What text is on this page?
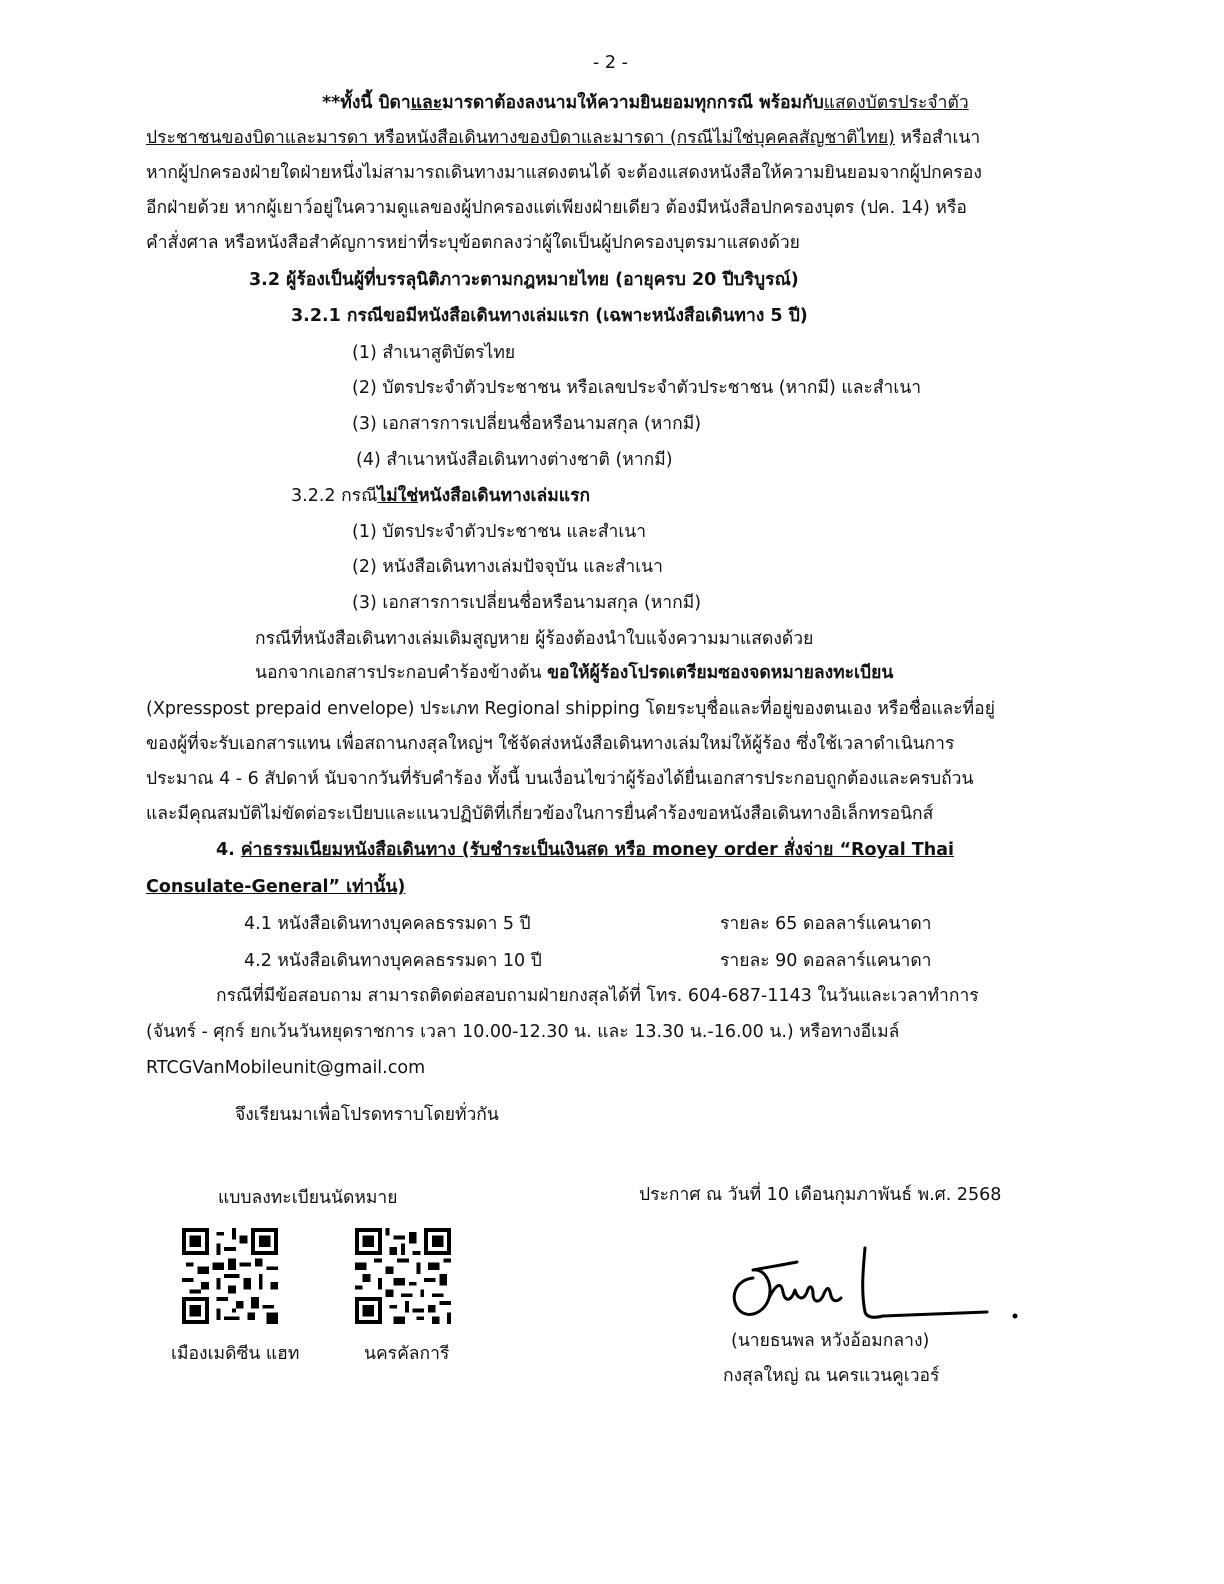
- 2 -
**ทั้งนี้ บิดาและมารดาต้องลงนามให้ความยินยอมทุกกรณี พร้อมกับแสดงบัตรประจำตัว
ประชาชนของบิดาและมารดา หรือหนังสือเดินทางของบิดาและมารดา (กรณีไม่ใช่บุคคลสัญชาติไทย) หรือสำเนา
หากผู้ปกครองฝ่ายใดฝ่ายหนึ่งไม่สามารถเดินทางมาแสดงตนได้ จะต้องแสดงหนังสือให้ความยินยอมจากผู้ปกครอง
อีกฝ่ายด้วย หากผู้เยาว์อยู่ในความดูแลของผู้ปกครองแต่เพียงฝ่ายเดียว ต้องมีหนังสือปกครองบุตร (ปค. 14) หรือ
คำสั่งศาล หรือหนังสือสำคัญการหย่าที่ระบุข้อตกลงว่าผู้ใดเป็นผู้ปกครองบุตรมาแสดงด้วย
3.2 ผู้ร้องเป็นผู้ที่บรรลุนิติภาวะตามกฎหมายไทย (อายุครบ 20 ปีบริบูรณ์)
3.2.1 กรณีขอมีหนังสือเดินทางเล่มแรก (เฉพาะหนังสือเดินทาง 5 ปี)
(1) สำเนาสูติบัตรไทย
(2) บัตรประจำตัวประชาชน หรือเลขประจำตัวประชาชน (หากมี) และสำเนา
(3) เอกสารการเปลี่ยนชื่อหรือนามสกุล (หากมี)
(4) สำเนาหนังสือเดินทางต่างชาติ (หากมี)
3.2.2 กรณีไม่ใช่หนังสือเดินทางเล่มแรก
(1) บัตรประจำตัวประชาชน และสำเนา
(2) หนังสือเดินทางเล่มปัจจุบัน และสำเนา
(3) เอกสารการเปลี่ยนชื่อหรือนามสกุล (หากมี)
กรณีที่หนังสือเดินทางเล่มเดิมสูญหาย ผู้ร้องต้องนำใบแจ้งความมาแสดงด้วย
นอกจากเอกสารประกอบคำร้องข้างต้น ขอให้ผู้ร้องโปรดเตรียมซองจดหมายลงทะเบียน
(Xpresspost prepaid envelope) ประเภท Regional shipping โดยระบุชื่อและที่อยู่ของตนเอง หรือชื่อและที่อยู่
ของผู้ที่จะรับเอกสารแทน เพื่อสถานกงสุลใหญ่ฯ ใช้จัดส่งหนังสือเดินทางเล่มใหม่ให้ผู้ร้อง ซึ่งใช้เวลาดำเนินการ
ประมาณ 4 - 6 สัปดาห์ นับจากวันที่รับคำร้อง ทั้งนี้ บนเงื่อนไขว่าผู้ร้องได้ยื่นเอกสารประกอบถูกต้องและครบถ้วน
และมีคุณสมบัติไม่ขัดต่อระเบียบและแนวปฏิบัติที่เกี่ยวข้องในการยื่นคำร้องขอหนังสือเดินทางอิเล็กทรอนิกส์
4. ค่าธรรมเนียมหนังสือเดินทาง (รับชำระเป็นเงินสด หรือ money order สั่งจ่าย “Royal Thai
Consulate-General” เท่านั้น)
4.1 หนังสือเดินทางบุคคลธรรมดา 5 ปี	รายละ 65 ดอลลาร์แคนาดา
4.2 หนังสือเดินทางบุคคลธรรมดา 10 ปี	รายละ 90 ดอลลาร์แคนาดา
กรณีที่มีข้อสอบถาม สามารถติดต่อสอบถามฝ่ายกงสุลได้ที่ โทร. 604-687-1143 ในวันและเวลาทำการ
(จันทร์ - ศุกร์ ยกเว้นวันหยุดราชการ เวลา 10.00-12.30 น. และ 13.30 น.-16.00 น.) หรือทางอีเมล์
RTCGVanMobileunit@gmail.com
จึงเรียนมาเพื่อโปรดทราบโดยทั่วกัน
แบบลงทะเบียนนัดหมาย
เมืองเมดิซีน แฮท	นครคัลการี
ประกาศ ณ วันที่ 10 เดือนกุมภาพันธ์ พ.ศ. 2568
(นายธนพล หวังอ้อมกลาง)
กงสุลใหญ่ ณ นครแวนคูเวอร์
